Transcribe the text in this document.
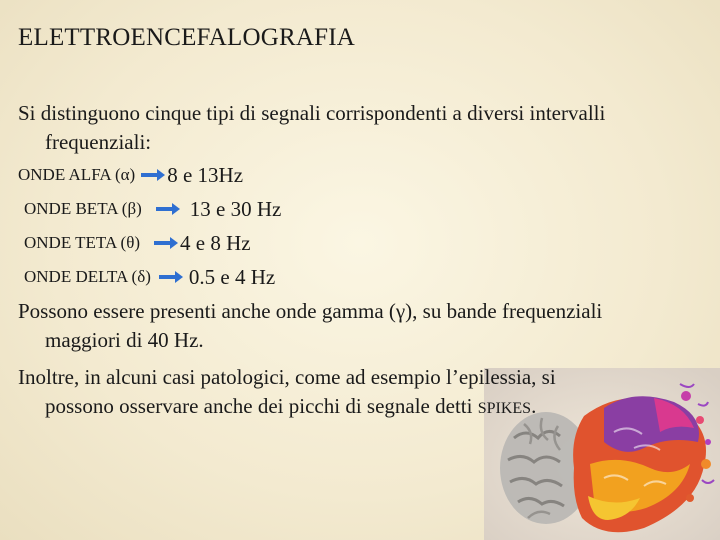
ELETTROENCEFALOGRAFIA
Si distinguono cinque tipi di segnali corrispondenti a diversi intervalli
frequenziali:
ONDE ALFA (α) 8 e 13Hz
ONDE BETA (β) 13 e 30 Hz
ONDE TETA (θ) 4 e 8 Hz
ONDE DELTA (δ) 0.5 e 4 Hz
Possono essere presenti anche onde gamma (γ), su bande frequenziali
maggiori di 40 Hz.
Inoltre, in alcuni casi patologici, come ad esempio l’epilessia, si
possono osservare anche dei picchi di segnale detti SPIKES.
